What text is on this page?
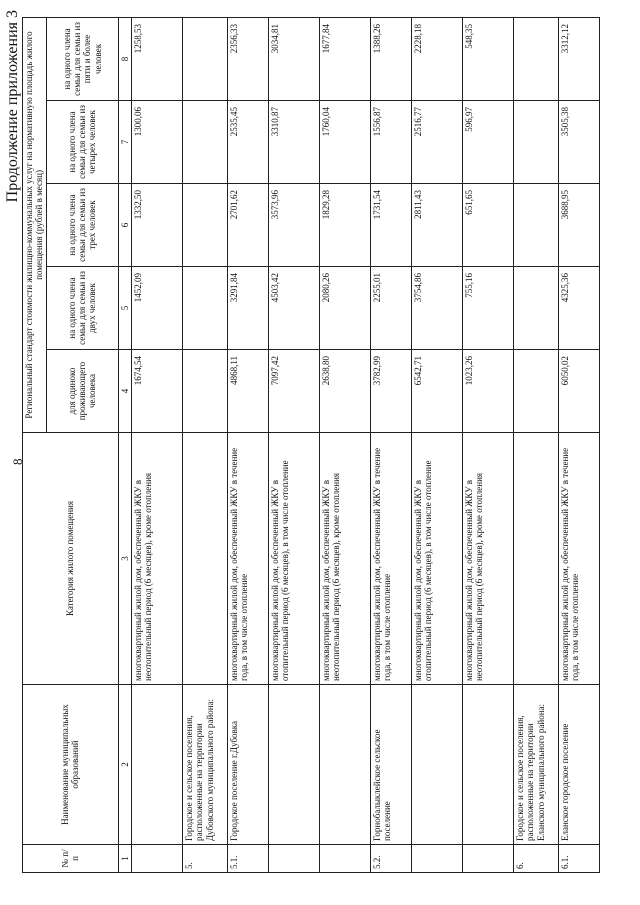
8
Продолжение приложения 3
№ п/п	Наименование муниципальных образований	Категория жилого помещения	Региональный стандарт стоимости жилищно-коммунальных услуг на нормативную площадь жилого помещения (рублей в месяц)				
			для одиноко проживающего человека	на одного члена семьи для семьи из двух человек	на одного члена семьи для семьи из трех человек	на одного члена семьи для семьи из четырех человек	на одного члена семьи для семьи из пяти и более человек
1	2	3	4	5	6	7	8
		многоквартирный жилой дом, обеспеченный ЖКУ в неотопительный период (6 месяцев), кроме отопления	1674,54	1452,09	1332,50	1300,06	1258,53
5.	Городское и сельское поселения, расположенные на территории Дубовского муниципального района:						
5.1.	Городское поселение г.Дубовка	многоквартирный жилой дом, обеспеченный ЖКУ в течение года, в том числе отопление	4868,11	3291,84	2701,62	2535,45	2356,33
		многоквартирный жилой дом, обеспеченный ЖКУ в отопительный период (6 месяцев), в том числе отопление	7097,42	4503,42	3573,96	3310,87	3034,81
		многоквартирный жилой дом, обеспеченный ЖКУ в неотопительный период (6 месяцев), кроме отопления	2638,80	2080,26	1829,28	1760,04	1677,84
5.2.	Горнобалыклейское сельское поселение	многоквартирный жилой дом, обеспеченный ЖКУ в течение года, в том числе отопление	3782,99	2255,01	1731,54	1556,87	1388,26
		многоквартирный жилой дом, обеспеченный ЖКУ в отопительный период (6 месяцев), в том числе отопление	6542,71	3754,86	2811,43	2516,77	2228,18
		многоквартирный жилой дом, обеспеченный ЖКУ в неотопительный период (6 месяцев), кроме отопления	1023,26	755,16	651,65	596,97	548,35
6.	Городское и сельское поселения, расположенные на территории Еланского муниципального района:						
6.1.	Еланское городское поселение	многоквартирный жилой дом, обеспеченный ЖКУ в течение года, в том числе отопление	6050,02	4325,36	3688,95	3505,38	3312,12
